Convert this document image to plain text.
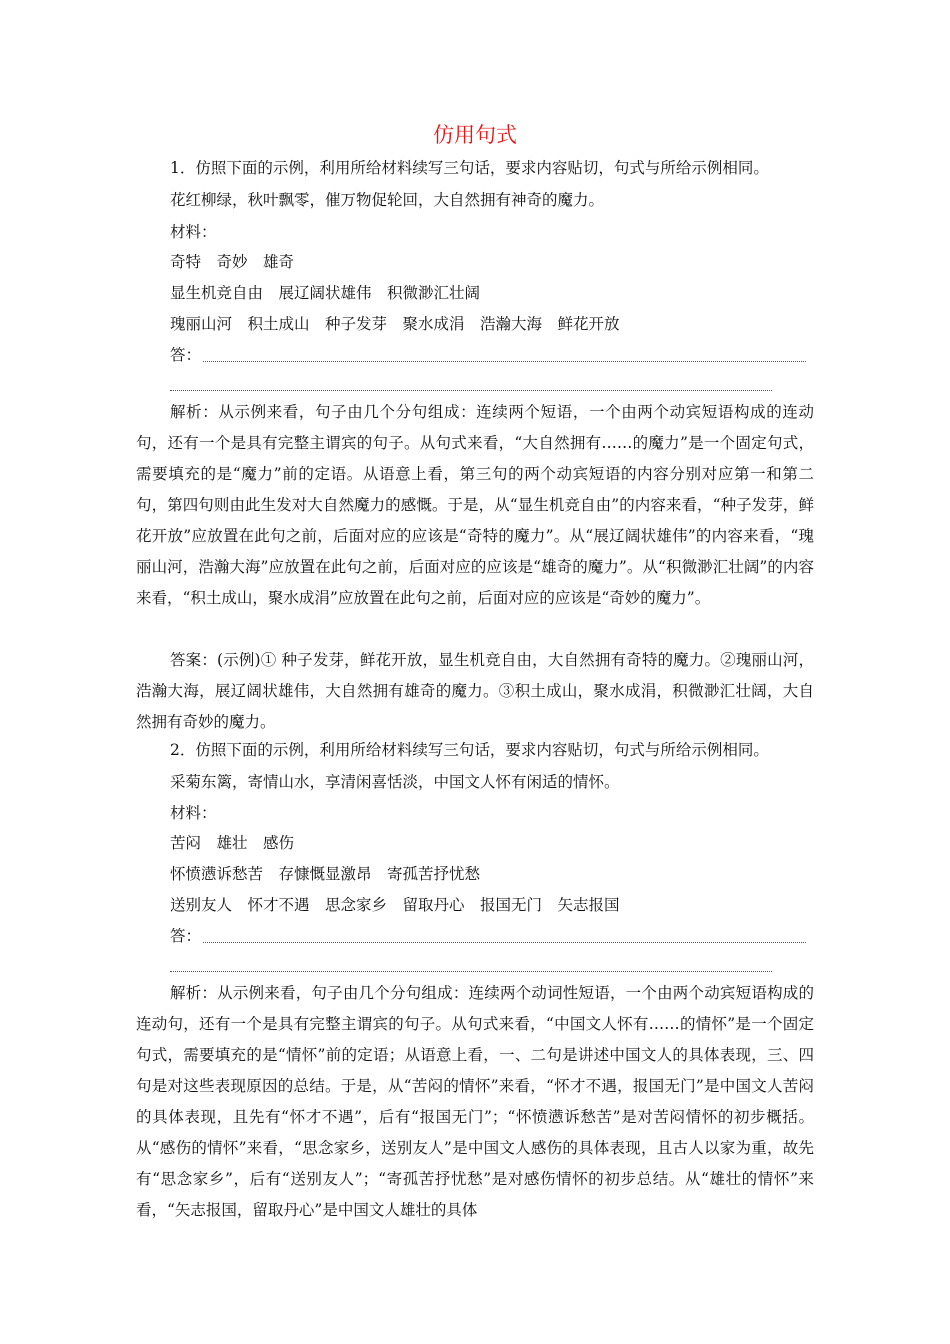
仿用句式
1．仿照下面的示例，利用所给材料续写三句话，要求内容贴切，句式与所给示例相同。
花红柳绿，秋叶飘零，催万物促轮回，大自然拥有神奇的魔力。
材料：
奇特　奇妙　雄奇
显生机竞自由　展辽阔状雄伟　积微渺汇壮阔
瑰丽山河　积土成山　种子发芽　聚水成涓　浩瀚大海　鲜花开放
答：
解析：从示例来看，句子由几个分句组成：连续两个短语，一个由两个动宾短语构成的连动句，还有一个是具有完整主谓宾的句子。从句式来看，“大自然拥有……的魔力”是一个固定句式，需要填充的是“魔力”前的定语。从语意上看，第三句的两个动宾短语的内容分别对应第一和第二句，第四句则由此生发对大自然魔力的感慨。于是，从“显生机竞自由”的内容来看，“种子发芽，鲜花开放”应放置在此句之前，后面对应的应该是“奇特的魔力”。从“展辽阔状雄伟”的内容来看，“瑰丽山河，浩瀚大海”应放置在此句之前，后面对应的应该是“雄奇的魔力”。从“积微渺汇壮阔”的内容来看，“积土成山，聚水成涓”应放置在此句之前，后面对应的应该是“奇妙的魔力”。
答案：(示例)① 种子发芽，鲜花开放，显生机竞自由，大自然拥有奇特的魔力。②瑰丽山河，浩瀚大海，展辽阔状雄伟，大自然拥有雄奇的魔力。③积土成山，聚水成涓，积微渺汇壮阔，大自然拥有奇妙的魔力。
2．仿照下面的示例，利用所给材料续写三句话，要求内容贴切，句式与所给示例相同。
采菊东篱，寄情山水，享清闲喜恬淡，中国文人怀有闲适的情怀。
材料：
苦闷　雄壮　感伤
怀愤懑诉愁苦　存慷慨显激昂　寄孤苦抒忧愁
送别友人　怀才不遇　思念家乡　留取丹心　报国无门　矢志报国
答：
解析：从示例来看，句子由几个分句组成：连续两个动词性短语，一个由两个动宾短语构成的连动句，还有一个是具有完整主谓宾的句子。从句式来看，“中国文人怀有……的情怀”是一个固定句式，需要填充的是“情怀”前的定语；从语意上看，一、二句是讲述中国文人的具体表现，三、四句是对这些表现原因的总结。于是，从“苦闷的情怀”来看，“怀才不遇，报国无门”是中国文人苦闷的具体表现，且先有“怀才不遇”，后有“报国无门”；“怀愤懑诉愁苦”是对苦闷情怀的初步概括。从“感伤的情怀”来看，“思念家乡，送别友人”是中国文人感伤的具体表现，且古人以家为重，故先有“思念家乡”，后有“送别友人”；“寄孤苦抒忧愁”是对感伤情怀的初步总结。从“雄壮的情怀”来看，“矢志报国，留取丹心”是中国文人雄壮的具体
